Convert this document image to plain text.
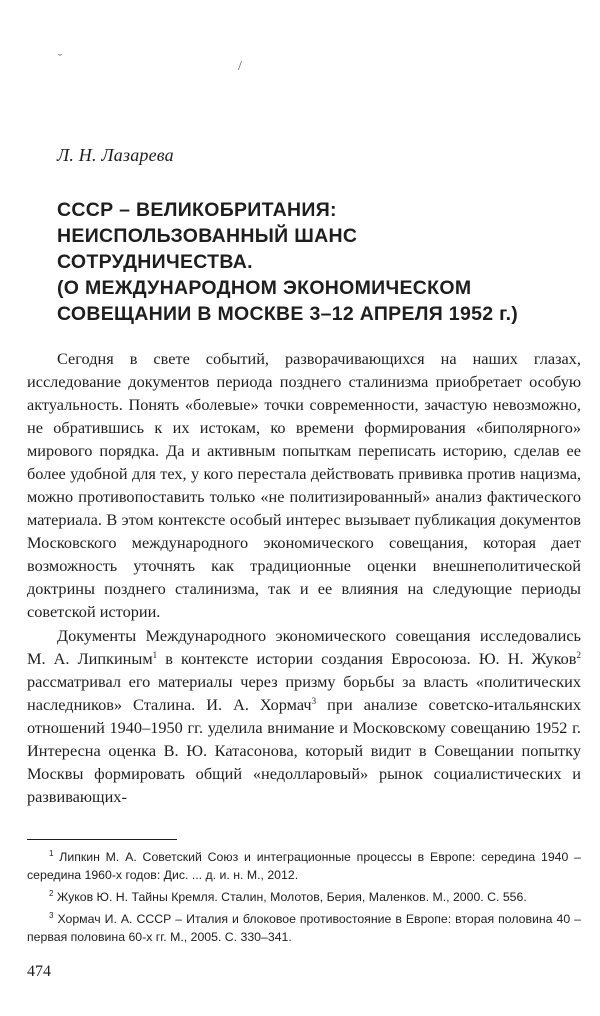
˘
/
Л. Н. Лазарева
СССР – ВЕЛИКОБРИТАНИЯ:
НЕИСПОЛЬЗОВАННЫЙ ШАНС
СОТРУДНИЧЕСТВА.
(О МЕЖДУНАРОДНОМ ЭКОНОМИЧЕСКОМ
СОВЕЩАНИИ В МОСКВЕ 3–12 АПРЕЛЯ 1952 г.)

Сегодня в свете событий, разворачивающихся на наших глазах, исследование документов периода позднего сталинизма приобретает особую актуальность. Понять «болевые» точки современности, зачастую невозможно, не обратившись к их истокам, ко времени формирования «биполярного» мирового порядка. Да и активным попыткам переписать историю, сделав ее более удобной для тех, у кого перестала действовать прививка против нацизма, можно противопоставить только «не политизированный» анализ фактического материала. В этом контексте особый интерес вызывает публикация документов Московского международного экономического совещания, которая дает возможность уточнять как традиционные оценки внешнеполитической доктрины позднего сталинизма, так и ее влияния на следующие периоды советской истории.

Документы Международного экономического совещания исследовались М. А. Липкиным$^1$ в контексте истории создания Евросоюза. Ю. Н. Жуков$^2$ рассматривал его материалы через призму борьбы за власть «политических наследников» Сталина. И. А. Хормач$^3$ при анализе советско-итальянских отношений 1940–1950 гг. уделила внимание и Московскому совещанию 1952 г. Интересна оценка В. Ю. Катасонова, который видит в Совещании попытку Москвы формировать общий «недолларовый» рынок социалистических и развивающих-

$^1$ Липкин М. А. Советский Союз и интеграционные процессы в Европе: середина 1940 – середина 1960-х годов: Дис. ... д. и. н. М., 2012.

$^2$ Жуков Ю. Н. Тайны Кремля. Сталин, Молотов, Берия, Маленков. М., 2000. С. 556.

$^3$ Хормач И. А. СССР – Италия и блоковое противостояние в Европе: вторая половина 40 – первая половина 60-х гг. М., 2005. С. 330–341.

474
